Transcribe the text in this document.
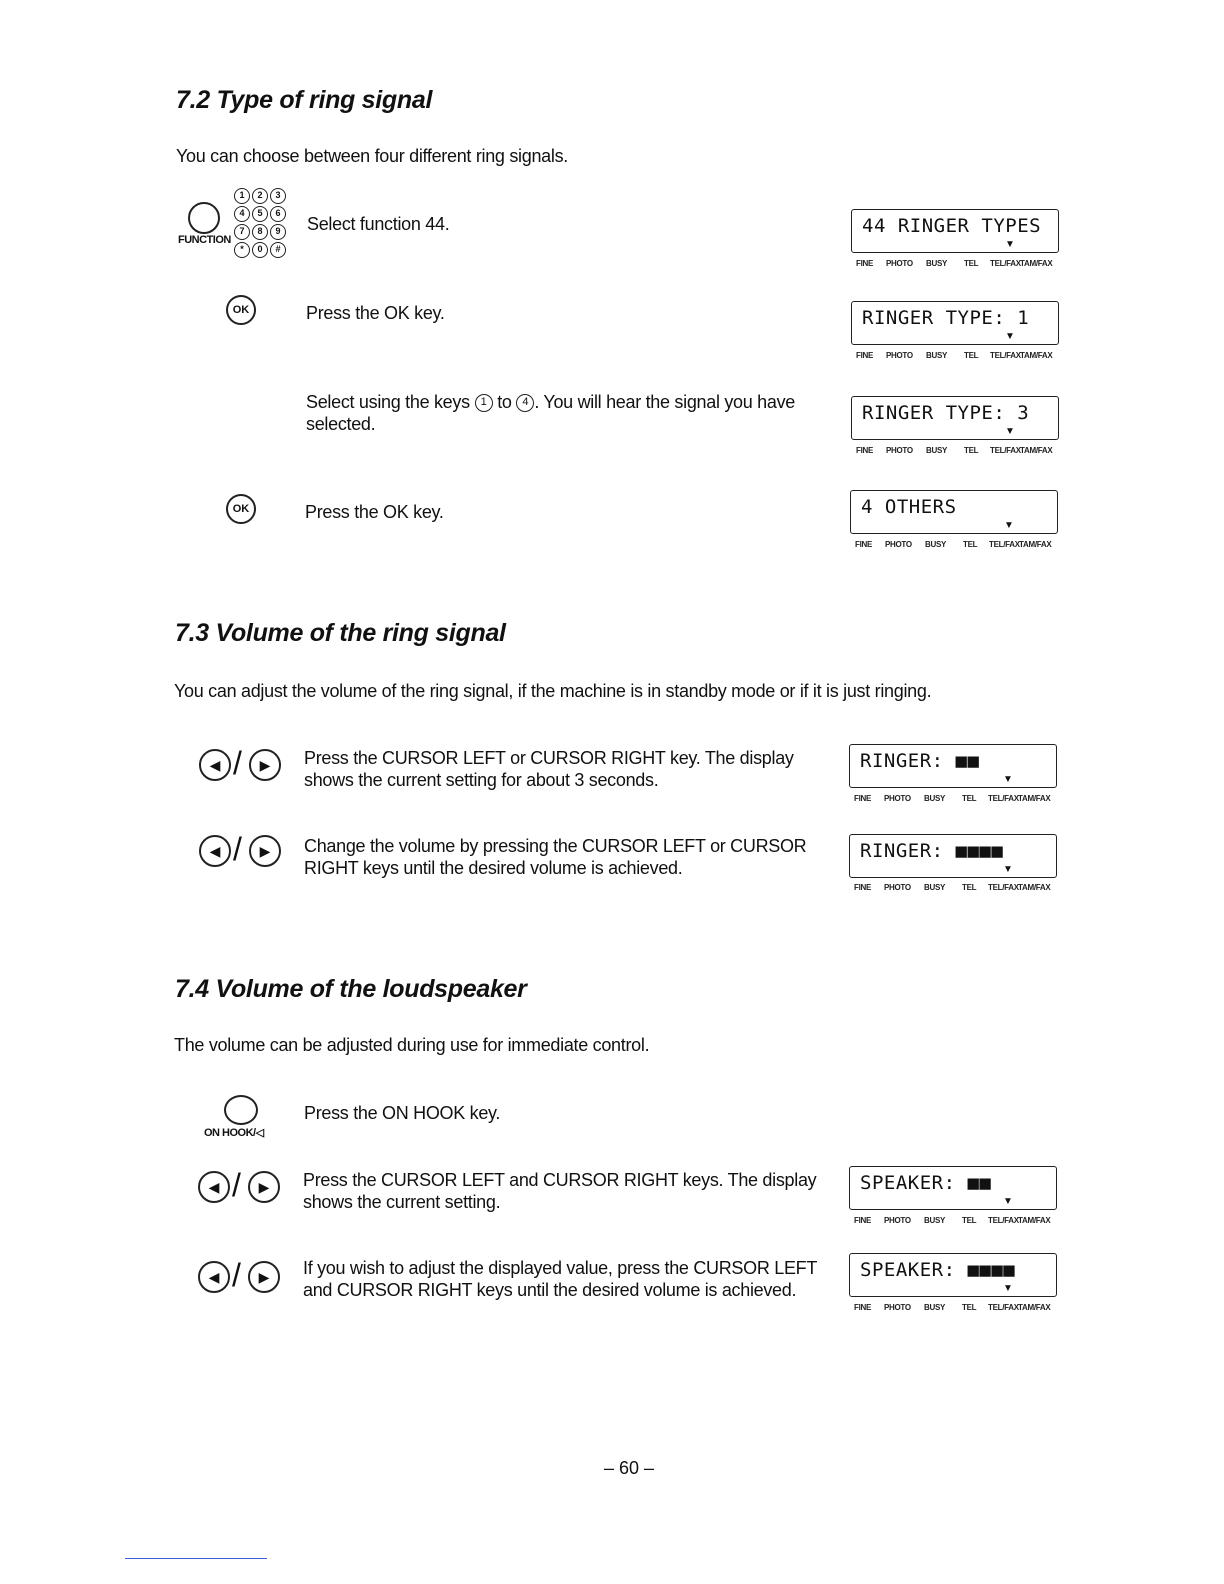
7.2 Type of ring signal
You can choose between four different ring signals.
FUNCTION
1	2	3
4	5	6
7	8	9
*	0	#
Select function 44.	44 RINGER TYPES
▼
FINE PHOTO BUSY TEL TEL/FAX TAM/FAX
OK	Press the OK key.	RINGER TYPE: 1
▼
FINE PHOTO BUSY TEL TEL/FAX TAM/FAX
Select using the keys 1 to 4 . You will hear the signal you have selected.	RINGER TYPE: 3
▼
FINE PHOTO BUSY TEL TEL/FAX TAM/FAX
OK	Press the OK key.	4 OTHERS
▼
FINE PHOTO BUSY TEL TEL/FAX TAM/FAX
7.3 Volume of the ring signal
You can adjust the volume of the ring signal, if the machine is in standby mode or if it is just ringing.
◀ /	▶	Press the CURSOR LEFT or CURSOR RIGHT key. The display shows the current setting for about 3 seconds.
RINGER: ■■
▼
FINE PHOTO BUSY TEL TEL/FAX TAM/FAX
◀ /	▶	Change the volume by pressing the CURSOR LEFT or CURSOR RIGHT keys until the desired volume is achieved.
RINGER: ■■■■
▼
FINE PHOTO BUSY TEL TEL/FAX TAM/FAX
7.4 Volume of the loudspeaker
The volume can be adjusted during use for immediate control.
ON HOOK/◁
Press the ON HOOK key.
◀ /	▶	Press the CURSOR LEFT and CURSOR RIGHT keys. The display shows the current setting.
SPEAKER: ■■
▼
FINE PHOTO BUSY TEL TEL/FAX TAM/FAX
◀ /	▶	If you wish to adjust the displayed value, press the CURSOR LEFT and CURSOR RIGHT keys until the desired volume is achieved.
SPEAKER: ■■■■
▼
FINE PHOTO BUSY TEL TEL/FAX TAM/FAX
– 60 –
